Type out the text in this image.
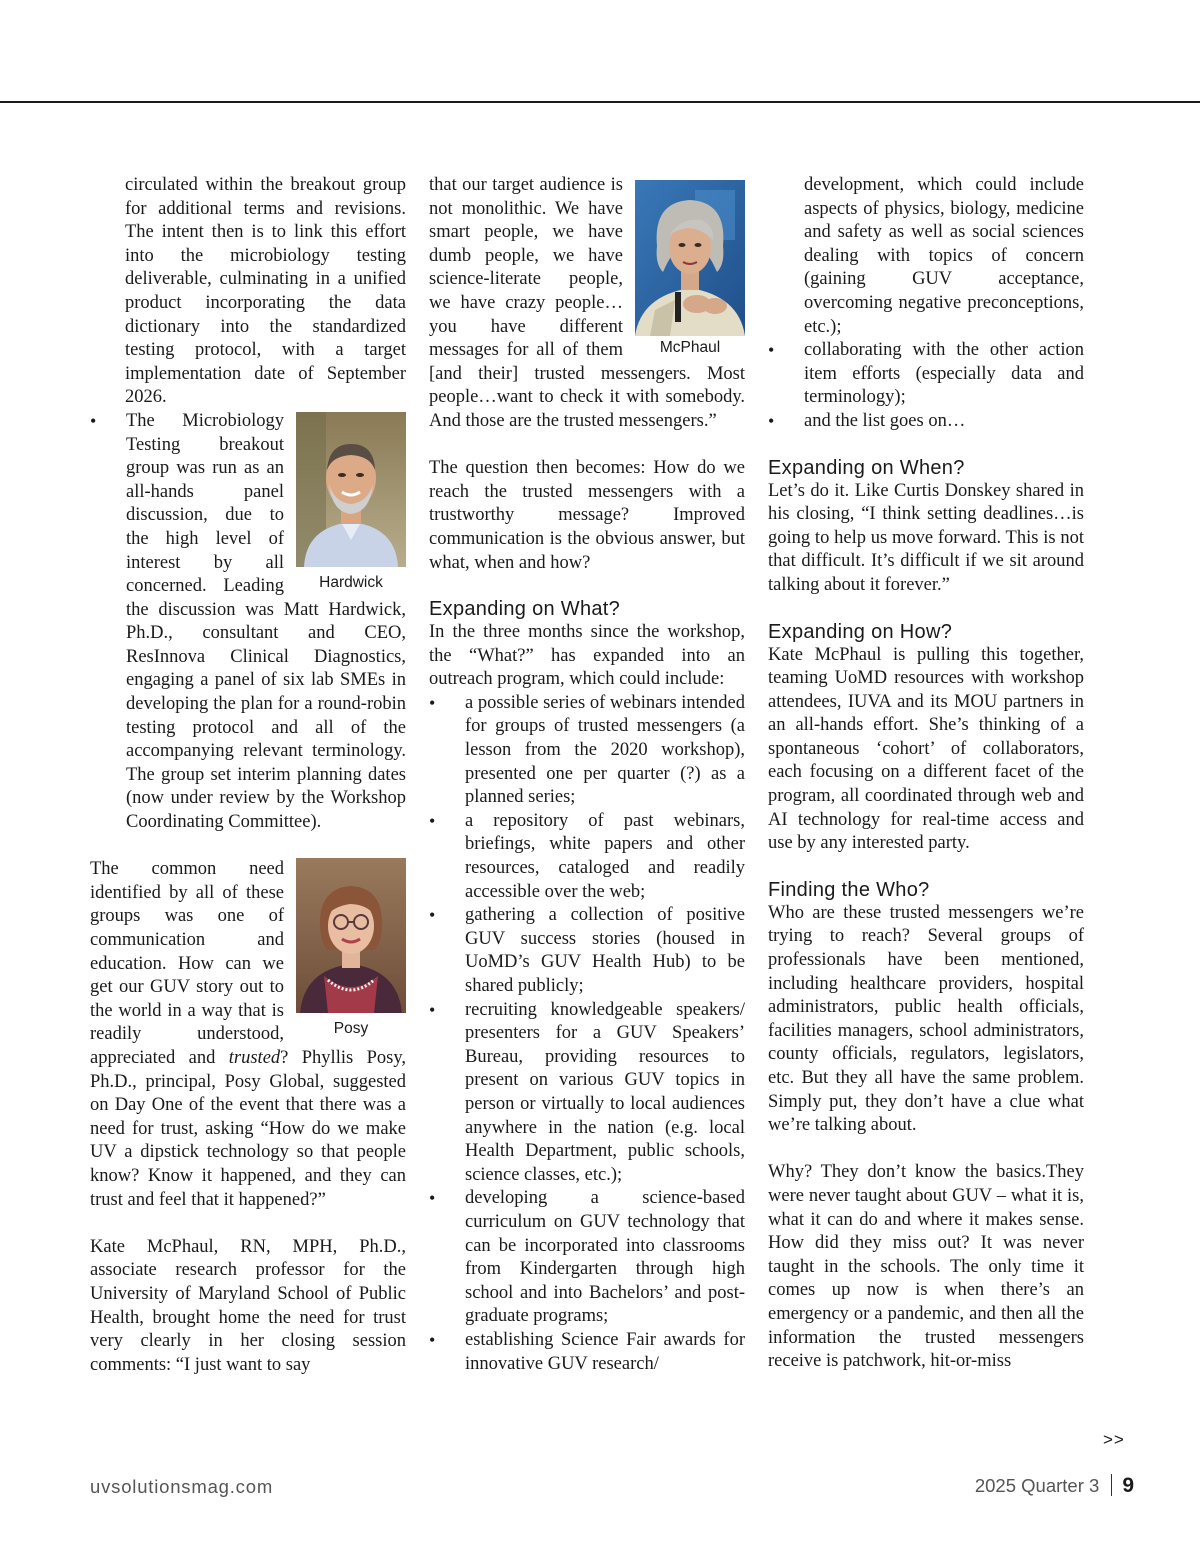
circulated within the breakout group for additional terms and revisions. The intent then is to link this effort into the microbiology testing deliverable, culminating in a unified product incorporating the data dictionary into the standardized testing protocol, with a target implementation date of September 2026.

• Hardwick
The Microbiology Testing breakout group was run as an all-hands panel discussion, due to the high level of interest by all concerned. Leading the discussion was Matt Hardwick, Ph.D., consultant and CEO, ResInnova Clinical Diagnostics, engaging a panel of six lab SMEs in developing the plan for a round-robin testing protocol and all of the accompanying relevant terminology. The group set interim planning dates (now under review by the Workshop Coordinating Committee).
Posy
The common need identified by all of these groups was one of communication and education. How can we get our GUV story out to the world in a way that is readily understood, appreciated and trusted? Phyllis Posy, Ph.D., principal, Posy Global, suggested on Day One of the event that there was a need for trust, asking “How do we make UV a dipstick technology so that people know? Know it happened, and they can trust and feel that it happened?”

Kate McPhaul, RN, MPH, Ph.D., associate research professor for the University of Maryland School of Public Health, brought home the need for trust very clearly in her closing session comments: “I just want to say

McPhaul
that our target audience is not monolithic. We have smart people, we have dumb people, we have science-literate people, we have crazy people…you have different messages for all of them [and their] trusted messengers. Most people…want to check it with somebody. And those are the trusted messengers.”

The question then becomes: How do we reach the trusted messengers with a trustworthy message? Improved communication is the obvious answer, but what, when and how?

Expanding on What?

In the three months since the workshop, the “What?” has expanded into an outreach program, which could include:

• a possible series of webinars intended for groups of trusted messengers (a lesson from the 2020 workshop), presented one per quarter (?) as a planned series;
• a repository of past webinars, briefings, white papers and other resources, cataloged and readily accessible over the web;
• gathering a collection of positive GUV success stories (housed in UoMD’s GUV Health Hub) to be shared publicly;
• recruiting knowledgeable speakers/ presenters for a GUV Speakers’ Bureau, providing resources to present on various GUV topics in person or virtually to local audiences anywhere in the nation (e.g. local Health Department, public schools, science classes, etc.);
• developing a science-based curriculum on GUV technology that can be incorporated into classrooms from Kindergarten through high school and into Bachelors’ and post-graduate programs;
• establishing Science Fair awards for innovative GUV research/

development, which could include aspects of physics, biology, medicine and safety as well as social sciences dealing with topics of concern (gaining GUV acceptance, overcoming negative preconceptions, etc.);

• collaborating with the other action item efforts (especially data and terminology);
• and the list goes on…
Expanding on When?

Let’s do it. Like Curtis Donskey shared in his closing, “I think setting deadlines…is going to help us move forward. This is not that difficult. It’s difficult if we sit around talking about it forever.”

Expanding on How?

Kate McPhaul is pulling this together, teaming UoMD resources with workshop attendees, IUVA and its MOU partners in an all-hands effort. She’s thinking of a spontaneous ‘cohort’ of collaborators, each focusing on a different facet of the program, all coordinated through web and AI technology for real-time access and use by any interested party.

Finding the Who?

Who are these trusted messengers we’re trying to reach? Several groups of professionals have been mentioned, including healthcare providers, hospital administrators, public health officials, facilities managers, school administrators, county officials, regulators, legislators, etc. But they all have the same problem. Simply put, they don’t have a clue what we’re talking about.

Why? They don’t know the basics.They were never taught about GUV – what it is, what it can do and where it makes sense. How did they miss out? It was never taught in the schools. The only time it comes up now is when there’s an emergency or a pandemic, and then all the information the trusted messengers receive is patchwork, hit-or-miss

>>
uvsolutionsmag.com	2025 Quarter 3 9
